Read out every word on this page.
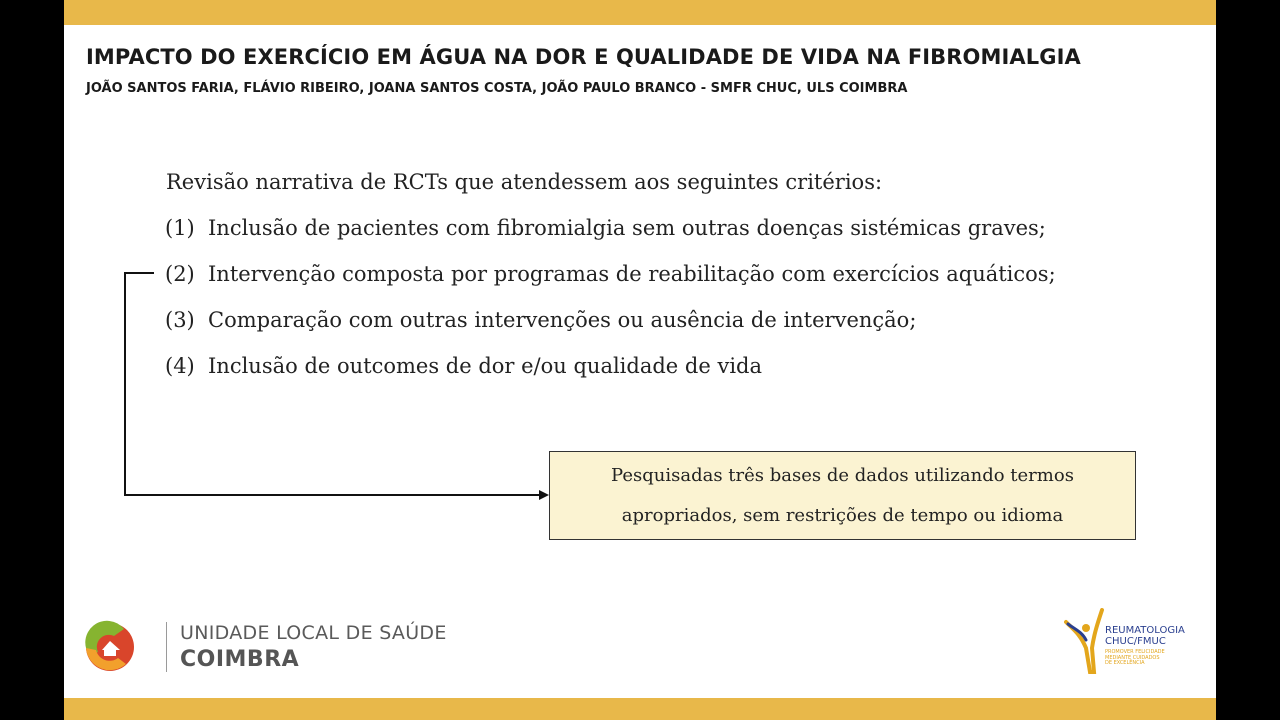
IMPACTO DO EXERCÍCIO EM ÁGUA NA DOR E QUALIDADE DE VIDA NA FIBROMIALGIA
JOÃO SANTOS FARIA, FLÁVIO RIBEIRO, JOANA SANTOS COSTA, JOÃO PAULO BRANCO - SMFR CHUC, ULS COIMBRA
Revisão narrativa de RCTs que atendessem aos seguintes critérios:
(1) Inclusão de pacientes com fibromialgia sem outras doenças sistémicas graves;
(2) Intervenção composta por programas de reabilitação com exercícios aquáticos;
(3) Comparação com outras intervenções ou ausência de intervenção;
(4) Inclusão de outcomes de dor e/ou qualidade de vida
Pesquisadas três bases de dados utilizando termos
apropriados, sem restrições de tempo ou idioma
UNIDADE LOCAL DE SAÚDE
COIMBRA
REUMATOLOGIA
CHUC/FMUC
PROMOVER FELICIDADE
MEDIANTE CUIDADOS
DE EXCELÊNCIA
